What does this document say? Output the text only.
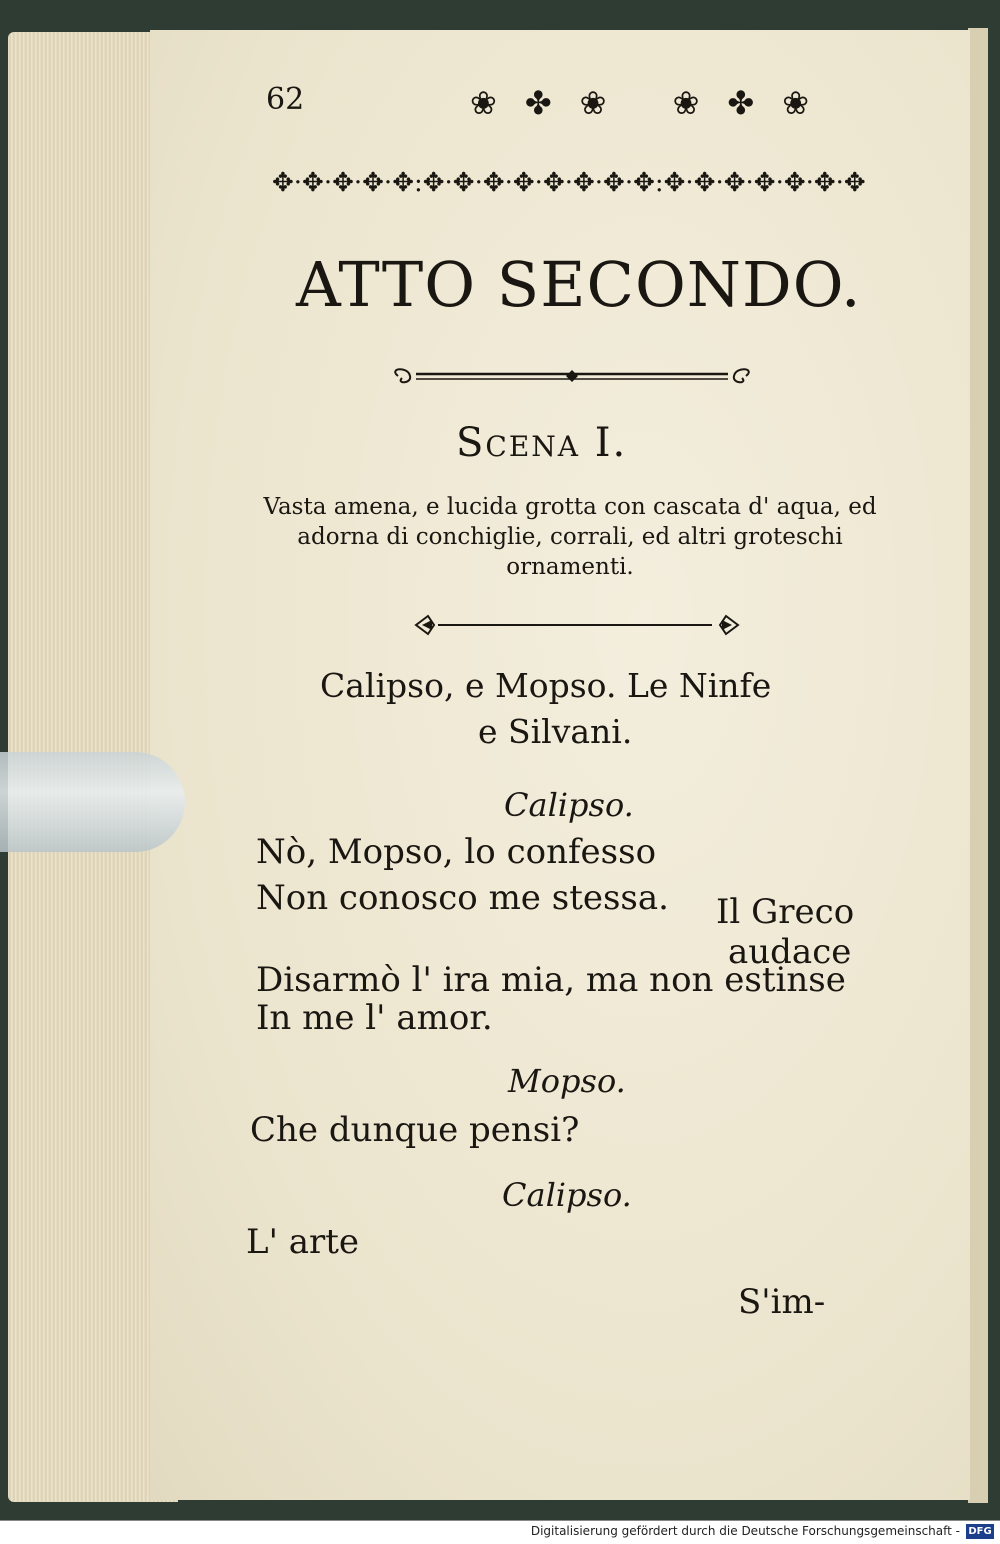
62	❀✤❀ ❀✤❀
✥·✥·✥·✥·✥:✥·✥·✥·✥·✥·✥·✥·✥:✥·✥·✥·✥·✥·✥·✥
ATTO SECONDO.
Scena I.
Vasta amena, e lucida grotta con cascata d' aqua, ed adorna di conchiglie, corrali, ed altri groteschi ornamenti.
Calipso, e Mopso. Le Ninfe
e Silvani.
Calipso.
Nò, Mopso, lo confesso
Non conosco me stessa. Il Greco
audace
Disarmò l' ira mia, ma non estinse
In me l' amor.
Mopso.
Che dunque pensi?
Calipso.
L' arte
S'im-
Digitalisierung gefördert durch die Deutsche Forschungsgemeinschaft - DFG
